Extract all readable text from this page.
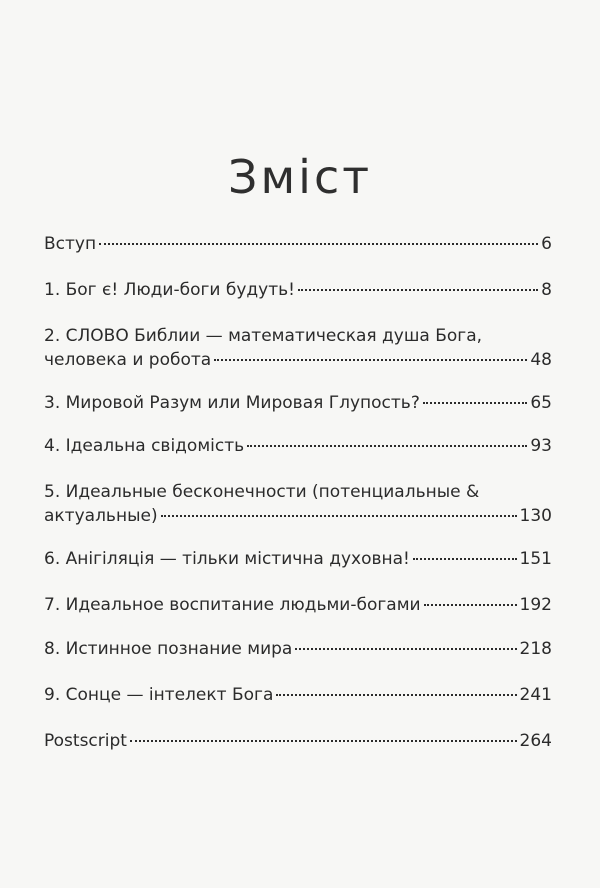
Зміст
Вступ	6
1. Бог є! Люди-боги будуть!	8
2. СЛОВО Библии — математическая душа Бога,
человека и робота	48
3. Мировой Разум или Мировая Глупость?	65
4. Ідеальна свідомість	93
5. Идеальные бесконечности (потенциальные &
актуальные)	130
6. Анігіляція — тільки містична духовна!	151
7. Идеальное воспитание людьми-богами	192
8. Истинное познание мира	218
9. Сонце — інтелект Бога	241
Postscript	264
